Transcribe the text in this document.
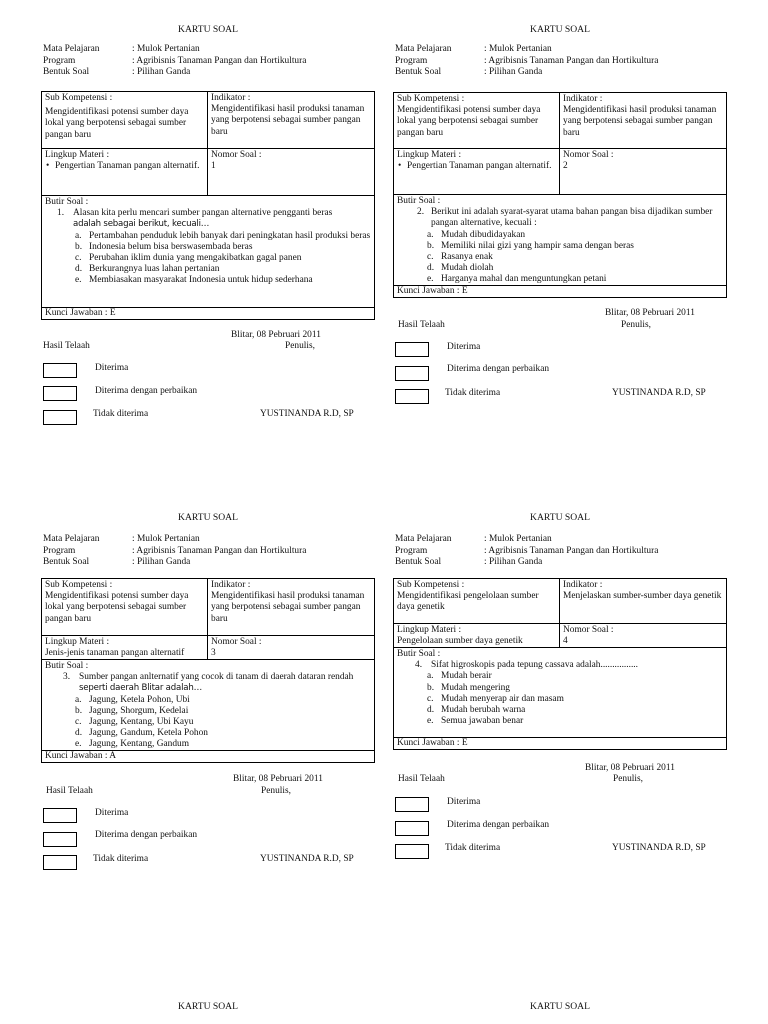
KARTU SOAL
Mata Pelajaran	: Mulok Pertanian
Program	: Agribisnis Tanaman Pangan dan Hortikultura
Bentuk Soal	: Pilihan Ganda
Sub Kompetensi :
Mengidentifikasi potensi sumber daya lokal yang berpotensi sebagai sumber pangan baru
Indikator :
Mengidentifikasi hasil produksi tanaman yang berpotensi sebagai sumber pangan baru
Lingkup Materi :
• Pengertian Tanaman pangan alternatif.
Nomor Soal :
1
Butir Soal :
1. Alasan kita perlu mencari sumber pangan alternative pengganti beras
adalah sebagai berikut, kecuali…
a. Pertambahan penduduk lebih banyak dari peningkatan hasil produksi beras
b. Indonesia belum bisa berswasembada beras
c. Perubahan iklim dunia yang mengakibatkan gagal panen
d. Berkurangnya luas lahan pertanian
e. Membiasakan masyarakat Indonesia untuk hidup sederhana
Kunci Jawaban : E
Blitar, 08 Pebruari 2011
Hasil Telaah	Penulis,
Diterima
Diterima dengan perbaikan
Tidak diterima	YUSTINANDA R.D, SP
KARTU SOAL
Mata Pelajaran	: Mulok Pertanian
Program	: Agribisnis Tanaman Pangan dan Hortikultura
Bentuk Soal	: Pilihan Ganda
Sub Kompetensi :
Mengidentifikasi potensi sumber daya lokal yang berpotensi sebagai sumber pangan baru
Indikator :
Mengidentifikasi hasil produksi tanaman yang berpotensi sebagai sumber pangan baru
Lingkup Materi :
• Pengertian Tanaman pangan alternatif.
Nomor Soal :
2
Butir Soal :
2. Berikut ini adalah syarat-syarat utama bahan pangan bisa dijadikan sumber pangan alternative, kecuali :
a. Mudah dibudidayakan
b. Memiliki nilai gizi yang hampir sama dengan beras
c. Rasanya enak
d. Mudah diolah
e. Harganya mahal dan menguntungkan petani
Kunci Jawaban : E
Blitar, 08 Pebruari 2011
Hasil Telaah	Penulis,
Diterima
Diterima dengan perbaikan
Tidak diterima	YUSTINANDA R.D, SP
KARTU SOAL
Mata Pelajaran	: Mulok Pertanian
Program	: Agribisnis Tanaman Pangan dan Hortikultura
Bentuk Soal	: Pilihan Ganda
Sub Kompetensi :
Mengidentifikasi potensi sumber daya lokal yang berpotensi sebagai sumber pangan baru
Indikator :
Mengidentifikasi hasil produksi tanaman yang berpotensi sebagai sumber pangan baru
Lingkup Materi :
Jenis-jenis tanaman pangan alternatif
Nomor Soal :
3
Butir Soal :
3. Sumber pangan anlternatif yang cocok di tanam di daerah dataran rendah
seperti daerah Blitar adalah…
a. Jagung, Ketela Pohon, Ubi
b. Jagung, Shorgum, Kedelai
c. Jagung, Kentang, Ubi Kayu
d. Jagung, Gandum, Ketela Pohon
e. Jagung, Kentang, Gandum
Kunci Jawaban : A
Blitar, 08 Pebruari 2011
Hasil Telaah	Penulis,
Diterima
Diterima dengan perbaikan
Tidak diterima	YUSTINANDA R.D, SP
KARTU SOAL
Mata Pelajaran	: Mulok Pertanian
Program	: Agribisnis Tanaman Pangan dan Hortikultura
Bentuk Soal	: Pilihan Ganda
Sub Kompetensi :
Mengidentifikasi pengelolaan sumber daya genetik
Indikator :
Menjelaskan sumber-sumber daya genetik
Lingkup Materi :
Pengelolaan sumber daya genetik
Nomor Soal :
4
Butir Soal :
4. Sifat higroskopis pada tepung cassava adalah................
a. Mudah berair
b. Mudah mengering
c. Mudah menyerap air dan masam
d. Mudah berubah warna
e. Semua jawaban benar
Kunci Jawaban : E
Blitar, 08 Pebruari 2011
Hasil Telaah	Penulis,
Diterima
Diterima dengan perbaikan
Tidak diterima	YUSTINANDA R.D, SP
KARTU SOAL	KARTU SOAL
